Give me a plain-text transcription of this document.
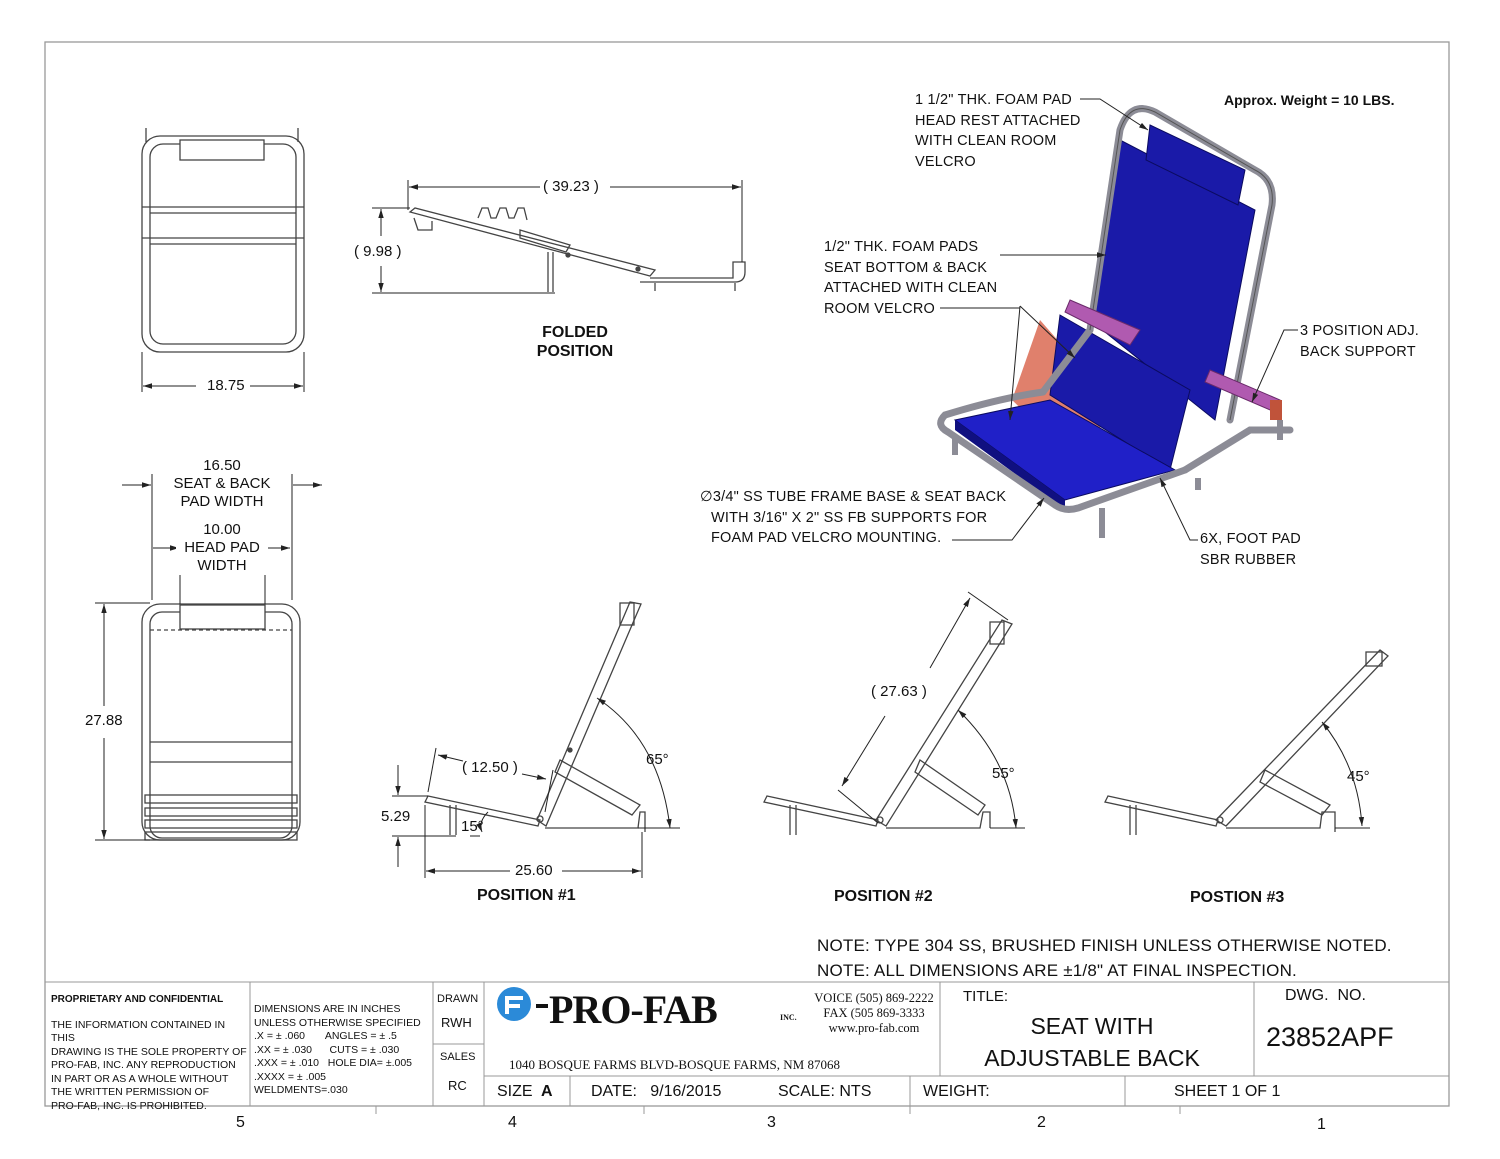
Approx. Weight = 10 LBS.
1 1/2" THK. FOAM PAD
HEAD REST ATTACHED
WITH CLEAN ROOM
VELCRO
1/2" THK. FOAM PADS
SEAT BOTTOM & BACK
ATTACHED WITH CLEAN
ROOM VELCRO
3 POSITION ADJ.
BACK SUPPORT
∅3/4" SS TUBE FRAME BASE & SEAT BACK
WITH 3/16" X 2" SS FB SUPPORTS FOR
FOAM PAD VELCRO MOUNTING.	6X, FOOT PAD
SBR RUBBER
18.75
( 39.23 )
( 9.98 )
16.50
SEAT & BACK
PAD WIDTH
10.00
HEAD PAD
WIDTH
27.88
( 12.50 )
5.29
15°
25.60
65°
( 27.63 )
55°	45°
FOLDED
POSITION
POSITION #1	POSITION #2	POSTION #3
NOTE: TYPE 304 SS, BRUSHED FINISH UNLESS OTHERWISE NOTED.
NOTE: ALL DIMENSIONS ARE ±1/8" AT FINAL INSPECTION.
PROPRIETARY AND CONFIDENTIAL
THE INFORMATION CONTAINED IN THIS
DRAWING IS THE SOLE PROPERTY OF
PRO-FAB, INC. ANY REPRODUCTION
IN PART OR AS A WHOLE WITHOUT
THE WRITTEN PERMISSION OF
PRO-FAB, INC. IS PROHIBITED.
DIMENSIONS ARE IN INCHES
UNLESS OTHERWISE SPECIFIED
.X = ± .060       ANGLES = ± .5
.XX = ± .030      CUTS = ± .030
.XXX = ± .010   HOLE DIA= ±.005
.XXXX = ± .005
WELDMENTS=.030
DRAWN
RWH
SALES
RC
PRO-FAB	INC.
VOICE (505) 869-2222
FAX (505 869-3333
www.pro-fab.com
1040 BOSQUE FARMS BLVD-BOSQUE FARMS, NM 87068
TITLE:
SEAT WITH
ADJUSTABLE BACK
DWG.  NO.
23852APF
SIZE A DATE:   9/16/2015	SCALE: NTS	WEIGHT:	SHEET 1 OF 1
5	4	3	2	1
